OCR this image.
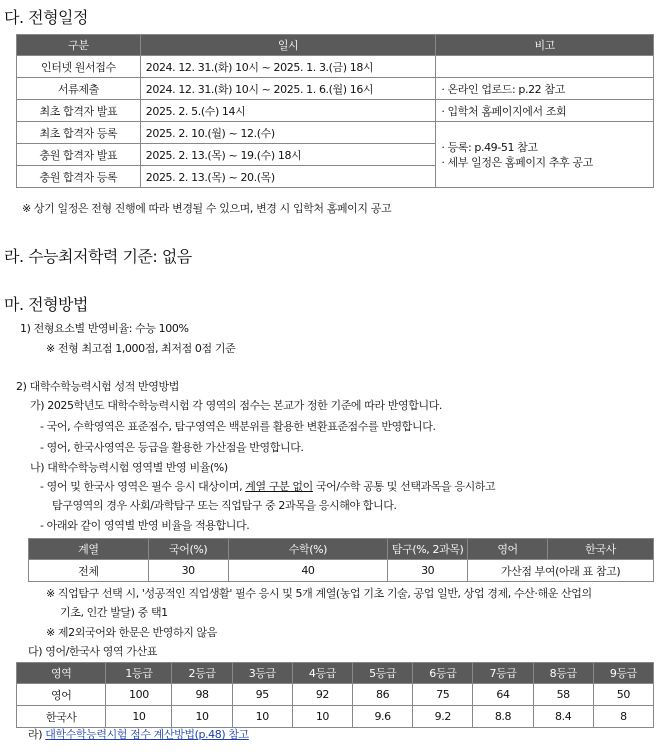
다. 전형일정
구분	일시	비고
인터넷 원서접수	2024. 12. 31.(화) 10시 ~ 2025. 1. 3.(금) 18시	
서류제출	2024. 12. 31.(화) 10시 ~ 2025. 1. 6.(월) 16시	· 온라인 업로드: p.22 참고
최초 합격자 발표	2025. 2. 5.(수) 14시	· 입학처 홈페이지에서 조회
최초 합격자 등록	2025. 2. 10.(월) ~ 12.(수)	· 등록: p.49-51 참고
· 세부 일정은 홈페이지 추후 공고

충원 합격자 발표	2025. 2. 13.(목) ~ 19.(수) 18시	
충원 합격자 등록	2025. 2. 13.(목) ~ 20.(목)	
※ 상기 일정은 전형 진행에 따라 변경될 수 있으며, 변경 시 입학처 홈페이지 공고
라. 수능최저학력 기준: 없음
마. 전형방법
1) 전형요소별 반영비율: 수능 100%
※ 전형 최고점 1,000점, 최저점 0점 기준
2) 대학수학능력시험 성적 반영방법
가) 2025학년도 대학수학능력시험 각 영역의 점수는 본교가 정한 기준에 따라 반영합니다.
- 국어, 수학영역은 표준점수, 탐구영역은 백분위를 활용한 변환표준점수를 반영합니다.
- 영어, 한국사영역은 등급을 활용한 가산점을 반영합니다.
나) 대학수학능력시험 영역별 반영 비율(%)
- 영어 및 한국사 영역은 필수 응시 대상이며, 계열 구분 없이 국어/수학 공통 및 선택과목을 응시하고
탐구영역의 경우 사회/과학탐구 또는 직업탐구 중 2과목을 응시해야 합니다.
- 아래와 같이 영역별 반영 비율을 적용합니다.
계열	국어(%)	수학(%)	탐구(%, 2과목)	영어	한국사
전체	30	40	30	가산점 부여(아래 표 참고)	
※ 직업탐구 선택 시, '성공적인 직업생활' 필수 응시 및 5개 계열(농업 기초 기술, 공업 일반, 상업 경제, 수산·해운 산업의
기초, 인간 발달) 중 택1
※ 제2외국어와 한문은 반영하지 않음
다) 영어/한국사 영역 가산표
영역	1등급	2등급	3등급	4등급	5등급	6등급	7등급	8등급	9등급
영어	100	98	95	92	86	75	64	58	50
한국사	10	10	10	10	9.6	9.2	8.8	8.4	8
라) 대학수학능력시험 점수 계산방법(p.48) 참고
